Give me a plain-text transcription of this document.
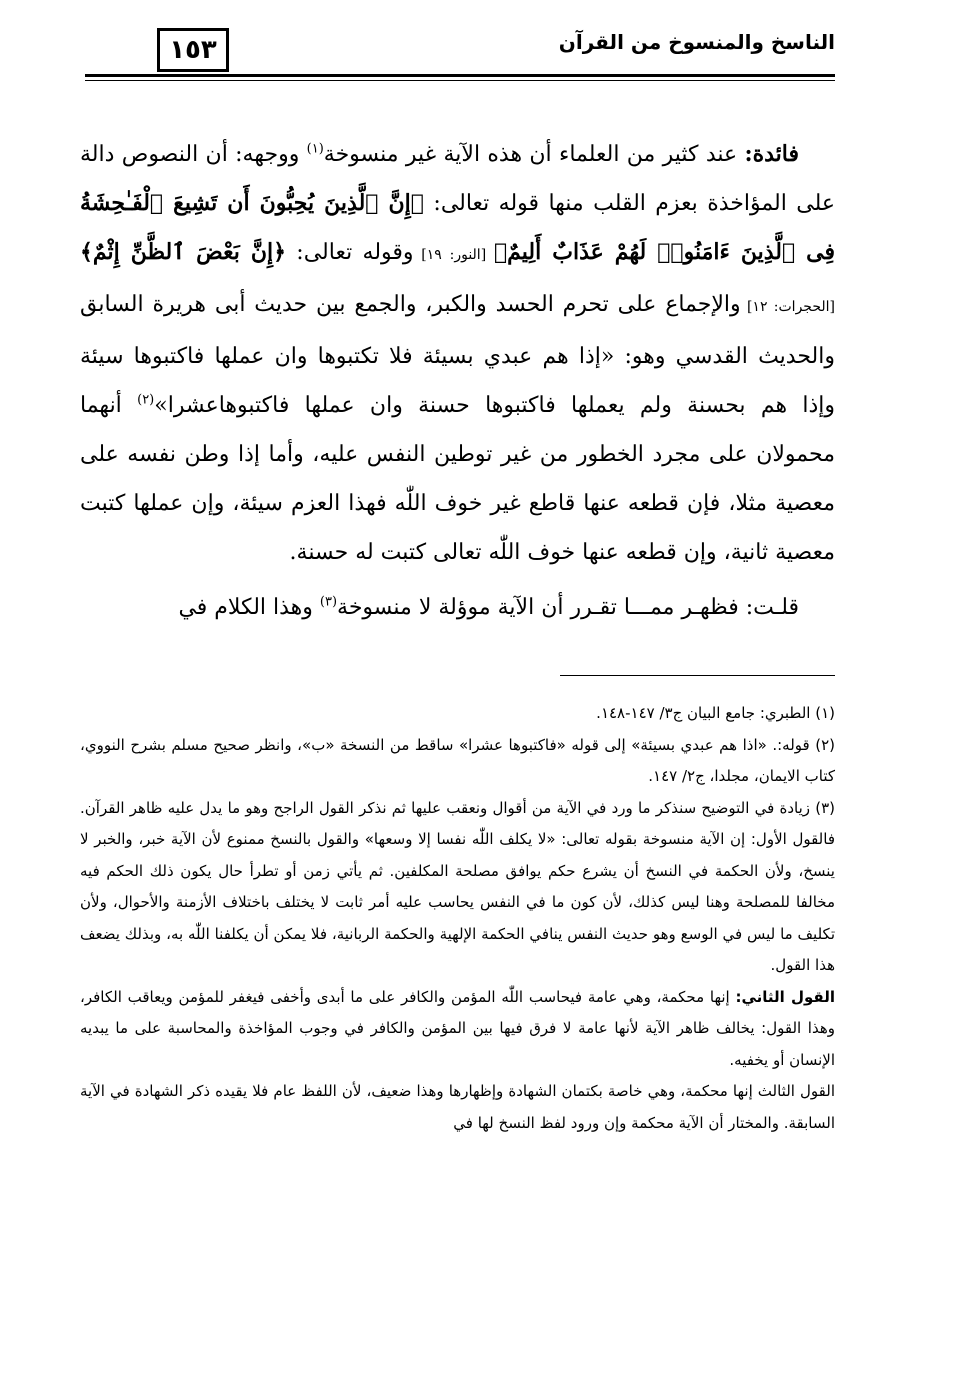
الناسخ والمنسوخ من القرآن
١٥٣

فائدة: عند كثير من العلماء أن هذه الآية غير منسوخة$^{(١)}$ ووجهه: أن النصوص دالة على المؤاخذة بعزم القلب منها قوله تعالى: ﴿إِنَّ ٱلَّذِينَ يُحِبُّونَ أَن تَشِيعَ ٱلْفَـٰحِشَةُ فِى ٱلَّذِينَ ءَامَنُوا۟ لَهُمْ عَذَابٌ أَلِيمٌ﴾ [النور: ١٩] وقوله تعالى: ﴿إِنَّ بَعْضَ ٱلظَّنِّ إِثْمٌ﴾ [الحجرات: ١٢] والإجماع على تحرم الحسد والكبر، والجمع بين حديث أبى هريرة السابق والحديث القدسي وهو: «إذا هم عبدي بسيئة فلا تكتبوها وان عملها فاكتبوها سيئة وإذا هم بحسنة ولم يعملها فاكتبوها حسنة وان عملها فاكتبوهاعشرا»$^{(٢)}$ أنهما محمولان على مجرد الخطور من غير توطين النفس عليه، وأما إذا وطن نفسه على معصية مثلا، فإن قطعه عنها قاطع غير خوف اللّٰه فهذا العزم سيئة، وإن عملها كتبت معصية ثانية، وإن قطعه عنها خوف اللّٰه تعالى كتبت له حسنة.

قلـت: فظهـر ممـــا تقـرر أن الآية موؤلة لا منسوخة$^{(٣)}$ وهذا الكلام في

(١) الطبري: جامع البيان ج٣/ ١٤٧-١٤٨.

(٢) قوله:. «اذا هم عبدي بسيئة» إلى قوله «فاكتبوها عشرا» ساقط من النسخة «ب»، وانظر صحيح مسلم بشرح النووي، كتاب الايمان، مجلدا، ج٢/ ١٤٧.

(٣) زيادة في التوضيح سنذكر ما ورد في الآية من أقوال ونعقب عليها ثم نذكر القول الراجح وهو ما يدل عليه ظاهر القرآن. فالقول الأول: إن الآية منسوخة بقوله تعالى: «لا يكلف اللّٰه نفسا إلا وسعها» والقول بالنسخ ممنوع لأن الآية خبر، والخبر لا ينسخ، ولأن الحكمة في النسخ أن يشرع حكم يوافق مصلحة المكلفين. ثم يأتي زمن أو تطرأ حال يكون ذلك الحكم فيه مخالفا للمصلحة وهنا ليس كذلك، لأن كون ما في النفس يحاسب عليه أمر ثابت لا يختلف باختلاف الأزمنة والأحوال، ولأن تكليف ما ليس في الوسع وهو حديث النفس ينافي الحكمة الإلهية والحكمة الربانية، فلا يمكن أن يكلفنا اللّٰه به، وبذلك يضعف هذا القول.

القول الثاني: إنها محكمة، وهي عامة فيحاسب اللّٰه المؤمن والكافر على ما أبدى وأخفى فيغفر للمؤمن ويعاقب الكافر، وهذا القول: يخالف ظاهر الآية لأنها عامة لا فرق فيها بين المؤمن والكافر في وجوب المؤاخذة والمحاسبة على ما يبديه الإنسان أو يخفيه.

القول الثالث إنها محكمة، وهي خاصة بكتمان الشهادة وإظهارها وهذا ضعيف، لأن اللفظ عام فلا يقيده ذكر الشهادة في الآية السابقة. والمختار أن الآية محكمة وإن ورود لفظ النسخ لها في
